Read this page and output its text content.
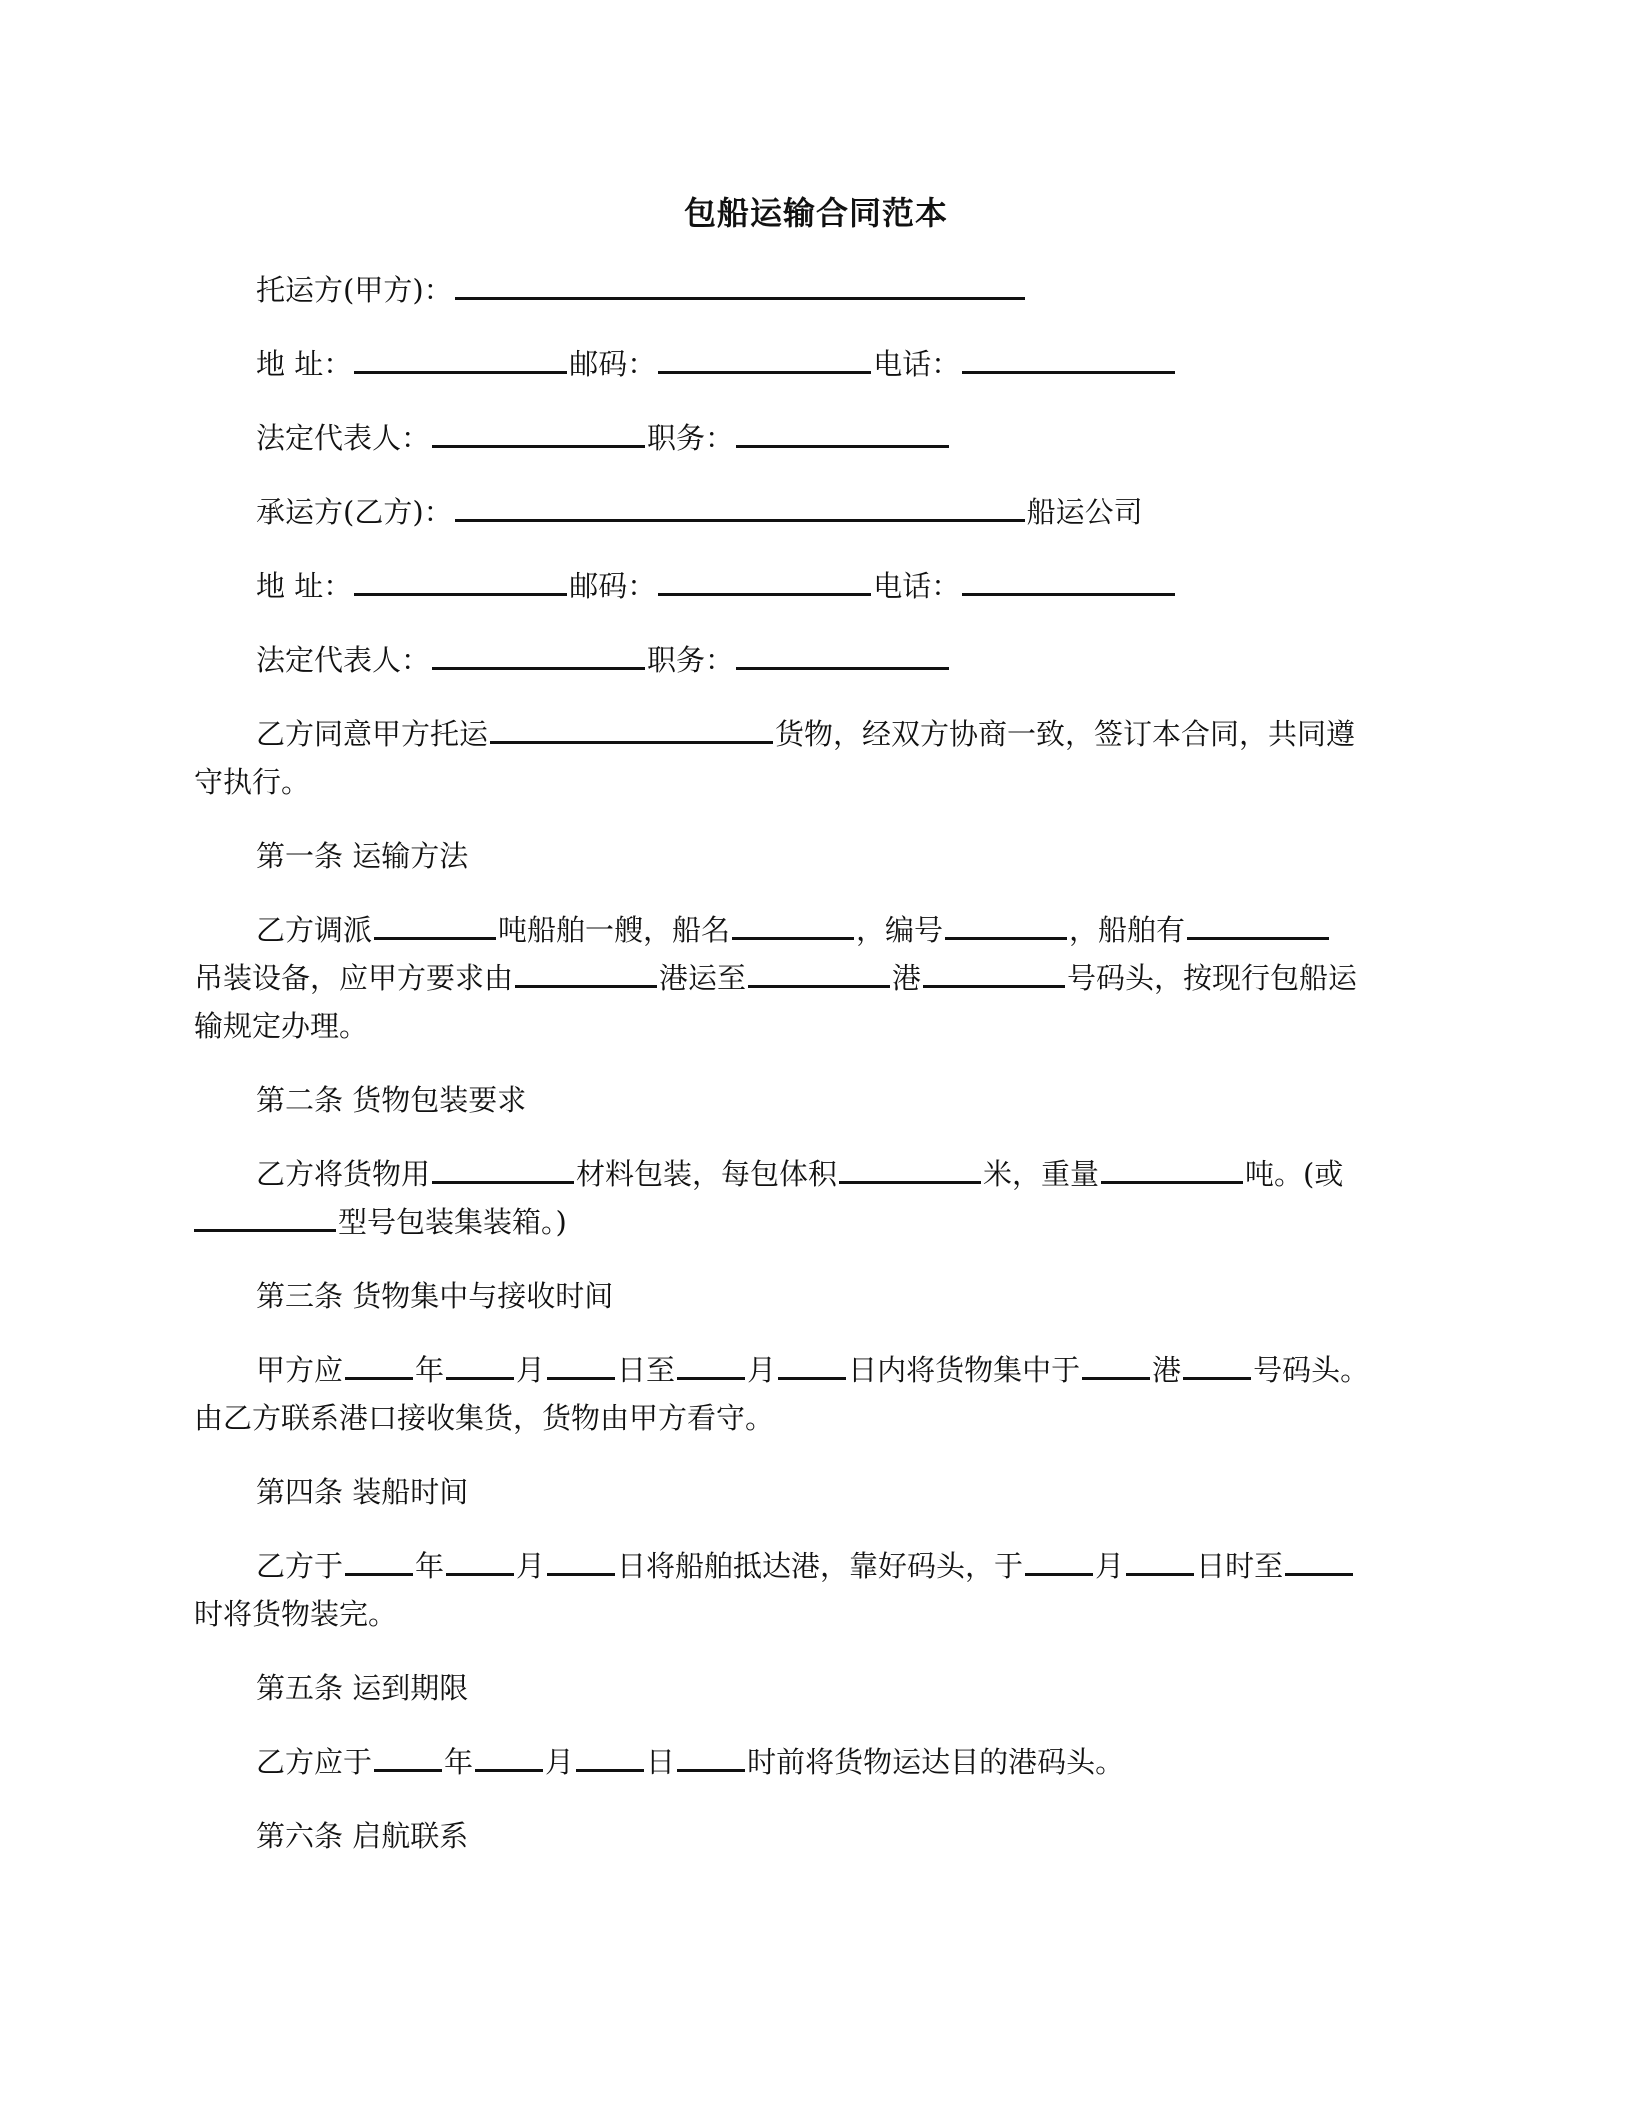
包船运输合同范本
托运方(甲方)：
地 址：	邮码：	电话：
法定代表人：	职务：
承运方(乙方)：	船运公司
地 址：	邮码：	电话：
法定代表人：	职务：
乙方同意甲方托运	货物，经双方协商一致，签订本合同，共同遵
守执行。
第一条 运输方法
乙方调派	吨船舶一艘，船名	，编号	，船舶有
吊装设备，应甲方要求由	港运至	港	号码头，按现行包船运
输规定办理。
第二条 货物包装要求
乙方将货物用	材料包装，每包体积	米，重量	吨。(或
型号包装集装箱。)
第三条 货物集中与接收时间
甲方应 年 月 日至 月 日内将货物集中于 港 号码头。
由乙方联系港口接收集货，货物由甲方看守。
第四条 装船时间
乙方于 年 月 日将船舶抵达港，靠好码头，于 月 日时至
时将货物装完。
第五条 运到期限
乙方应于 年 月 日 时前将货物运达目的港码头。
第六条 启航联系
